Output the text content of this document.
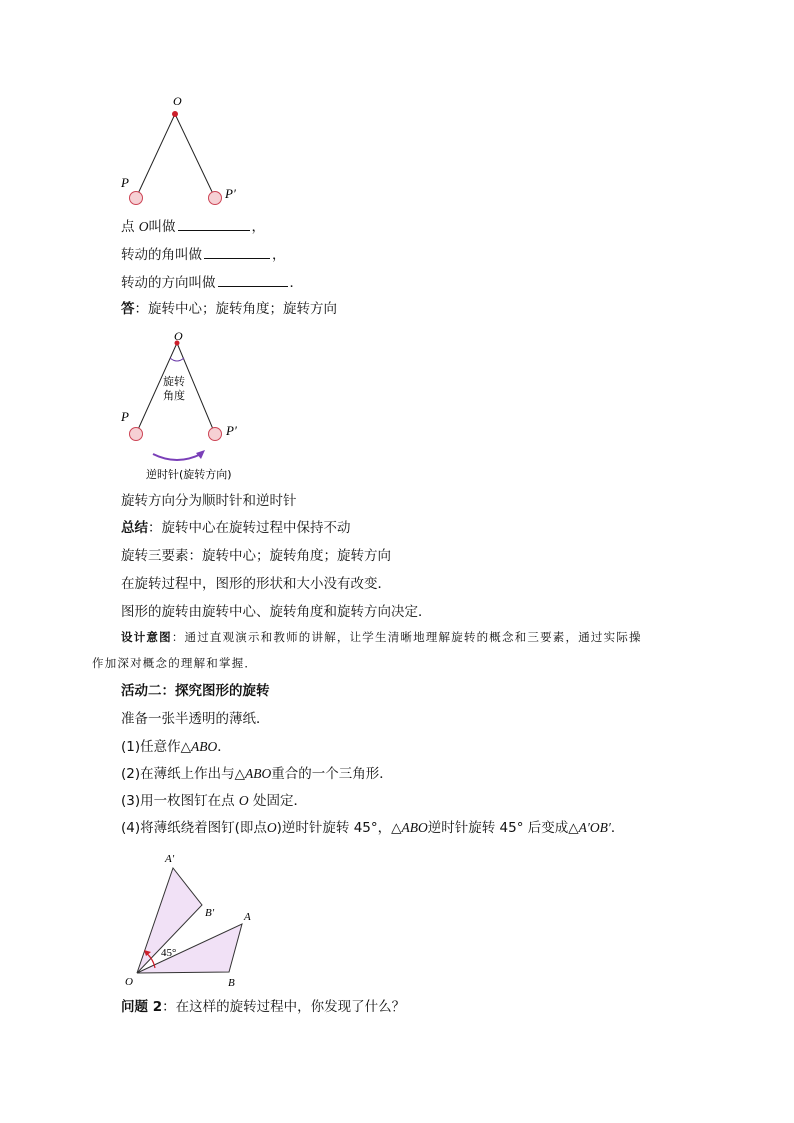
O
P
P′
点 O叫做	，
转动的角叫做	，
转动的方向叫做	．
答：旋转中心；旋转角度；旋转方向
O
P
P′
旋转
角度
逆时针(旋转方向)
旋转方向分为顺时针和逆时针
总结：旋转中心在旋转过程中保持不动
旋转三要素：旋转中心；旋转角度；旋转方向
在旋转过程中，图形的形状和大小没有改变．
图形的旋转由旋转中心、旋转角度和旋转方向决定．
设计意图：通过直观演示和教师的讲解，让学生清晰地理解旋转的概念和三要素，通过实际操
作加深对概念的理解和掌握．
活动二：探究图形的旋转
准备一张半透明的薄纸．
(1)任意作△ABO．
(2)在薄纸上作出与△ABO重合的一个三角形．
(3)用一枚图钉在点 O 处固定．
(4)将薄纸绕着图钉(即点O)逆时针旋转 45°，△ABO逆时针旋转 45° 后变成△A′OB′．
A′
B′	A
B
O
45°
问题 2：在这样的旋转过程中，你发现了什么？
